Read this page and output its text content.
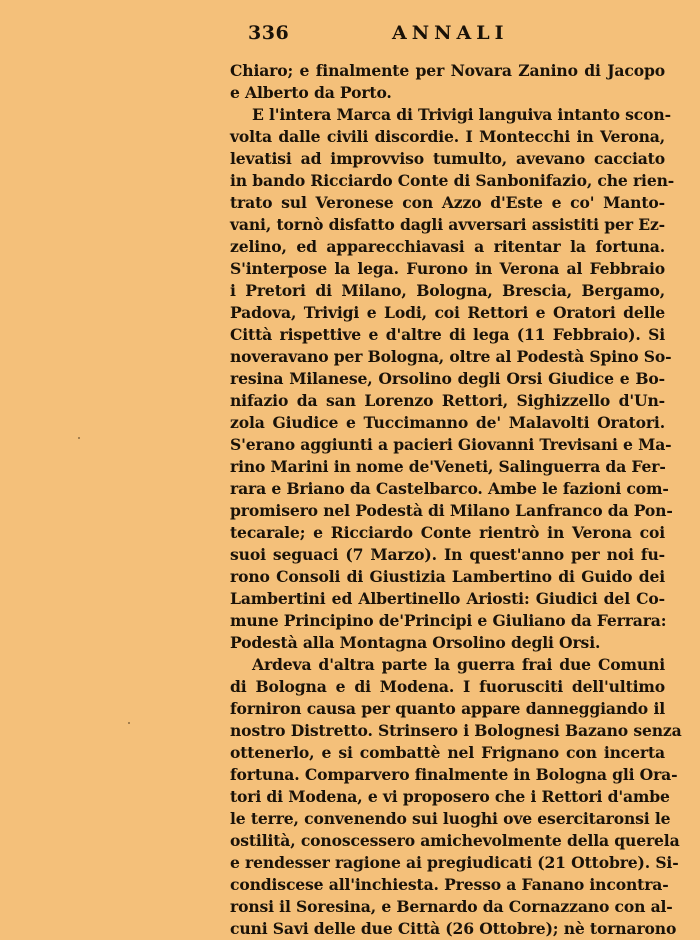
336	ANNALI
Chiaro; e finalmente per Novara Zanino di Jacopo
e Alberto da Porto.
E l'intera Marca di Trivigi languiva intanto scon-
volta dalle civili discordie. I Montecchi in Verona,
levatisi ad improvviso tumulto, avevano cacciato
in bando Ricciardo Conte di Sanbonifazio, che rien-
trato sul Veronese con Azzo d'Este e co' Manto-
vani, tornò disfatto dagli avversari assistiti per Ez-
zelino, ed apparecchiavasi a ritentar la fortuna.
S'interpose la lega. Furono in Verona al Febbraio
i Pretori di Milano, Bologna, Brescia, Bergamo,
Padova, Trivigi e Lodi, coi Rettori e Oratori delle
Città rispettive e d'altre di lega (11 Febbraio). Si
noveravano per Bologna, oltre al Podestà Spino So-
resina Milanese, Orsolino degli Orsi Giudice e Bo-
nifazio da san Lorenzo Rettori, Sighizzello d'Un-
zola Giudice e Tuccimanno de' Malavolti Oratori.
S'erano aggiunti a pacieri Giovanni Trevisani e Ma-
rino Marini in nome de'Veneti, Salinguerra da Fer-
rara e Briano da Castelbarco. Ambe le fazioni com-
promisero nel Podestà di Milano Lanfranco da Pon-
tecarale; e Ricciardo Conte rientrò in Verona coi
suoi seguaci (7 Marzo). In quest'anno per noi fu-
rono Consoli di Giustizia Lambertino di Guido dei
Lambertini ed Albertinello Ariosti: Giudici del Co-
mune Principino de'Principi e Giuliano da Ferrara:
Podestà alla Montagna Orsolino degli Orsi.
Ardeva d'altra parte la guerra frai due Comuni
di Bologna e di Modena. I fuorusciti dell'ultimo
forniron causa per quanto appare danneggiando il
nostro Distretto. Strinsero i Bolognesi Bazano senza
ottenerlo, e si combattè nel Frignano con incerta
fortuna. Comparvero finalmente in Bologna gli Ora-
tori di Modena, e vi proposero che i Rettori d'ambe
le terre, convenendo sui luoghi ove esercitaronsi le
ostilità, conoscessero amichevolmente della querela
e rendesser ragione ai pregiudicati (21 Ottobre). Si-
condiscese all'inchiesta. Presso a Fanano incontra-
ronsi il Soresina, e Bernardo da Cornazzano con al-
cuni Savi delle due Città (26 Ottobre); nè tornarono
